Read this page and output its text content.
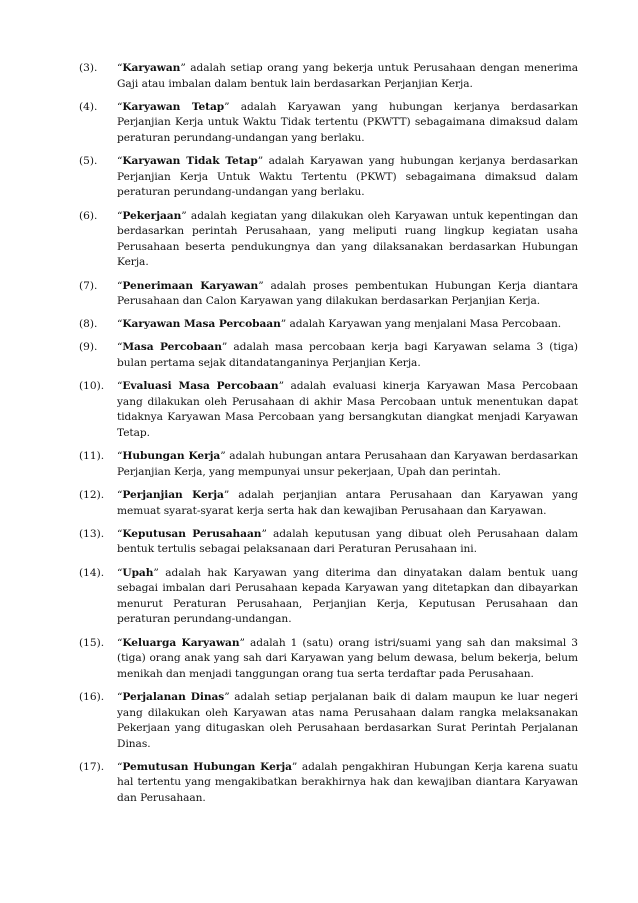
(3).	“Karyawan” adalah setiap orang yang bekerja untuk Perusahaan dengan menerima Gaji atau imbalan dalam bentuk lain berdasarkan Perjanjian Kerja.
(4).	“Karyawan Tetap” adalah Karyawan yang hubungan kerjanya berdasarkan Perjanjian Kerja untuk Waktu Tidak tertentu (PKWTT) sebagaimana dimaksud dalam peraturan perundang-undangan yang berlaku.
(5).	“Karyawan Tidak Tetap” adalah Karyawan yang hubungan kerjanya berdasarkan Perjanjian Kerja Untuk Waktu Tertentu (PKWT) sebagaimana dimaksud dalam peraturan perundang-undangan yang berlaku.
(6).	“Pekerjaan” adalah kegiatan yang dilakukan oleh Karyawan untuk kepentingan dan berdasarkan perintah Perusahaan, yang meliputi ruang lingkup kegiatan usaha Perusahaan beserta pendukungnya dan yang dilaksanakan berdasarkan Hubungan Kerja.
(7).	“Penerimaan Karyawan” adalah proses pembentukan Hubungan Kerja diantara Perusahaan dan Calon Karyawan yang dilakukan berdasarkan Perjanjian Kerja.
(8).	“Karyawan Masa Percobaan” adalah Karyawan yang menjalani Masa Percobaan.
(9).	“Masa Percobaan” adalah masa percobaan kerja bagi Karyawan selama 3 (tiga) bulan pertama sejak ditandatanganinya Perjanjian Kerja.
(10).	“Evaluasi Masa Percobaan” adalah evaluasi kinerja Karyawan Masa Percobaan yang dilakukan oleh Perusahaan di akhir Masa Percobaan untuk menentukan dapat tidaknya Karyawan Masa Percobaan yang bersangkutan diangkat menjadi Karyawan Tetap.
(11).	“Hubungan Kerja” adalah hubungan antara Perusahaan dan Karyawan berdasarkan Perjanjian Kerja, yang mempunyai unsur pekerjaan, Upah dan perintah.
(12).	“Perjanjian Kerja” adalah perjanjian antara Perusahaan dan Karyawan yang memuat syarat-syarat kerja serta hak dan kewajiban Perusahaan dan Karyawan.
(13).	“Keputusan Perusahaan” adalah keputusan yang dibuat oleh Perusahaan dalam bentuk tertulis sebagai pelaksanaan dari Peraturan Perusahaan ini.
(14).	“Upah” adalah hak Karyawan yang diterima dan dinyatakan dalam bentuk uang sebagai imbalan dari Perusahaan kepada Karyawan yang ditetapkan dan dibayarkan menurut Peraturan Perusahaan, Perjanjian Kerja, Keputusan Perusahaan dan peraturan perundang-undangan.
(15).	“Keluarga Karyawan” adalah 1 (satu) orang istri/suami yang sah dan maksimal 3 (tiga) orang anak yang sah dari Karyawan yang belum dewasa, belum bekerja, belum menikah dan menjadi tanggungan orang tua serta terdaftar pada Perusahaan.
(16).	“Perjalanan Dinas” adalah setiap perjalanan baik di dalam maupun ke luar negeri yang dilakukan oleh Karyawan atas nama Perusahaan dalam rangka melaksanakan Pekerjaan yang ditugaskan oleh Perusahaan berdasarkan Surat Perintah Perjalanan Dinas.
(17).	“Pemutusan Hubungan Kerja” adalah pengakhiran Hubungan Kerja karena suatu hal tertentu yang mengakibatkan berakhirnya hak dan kewajiban diantara Karyawan dan Perusahaan.
